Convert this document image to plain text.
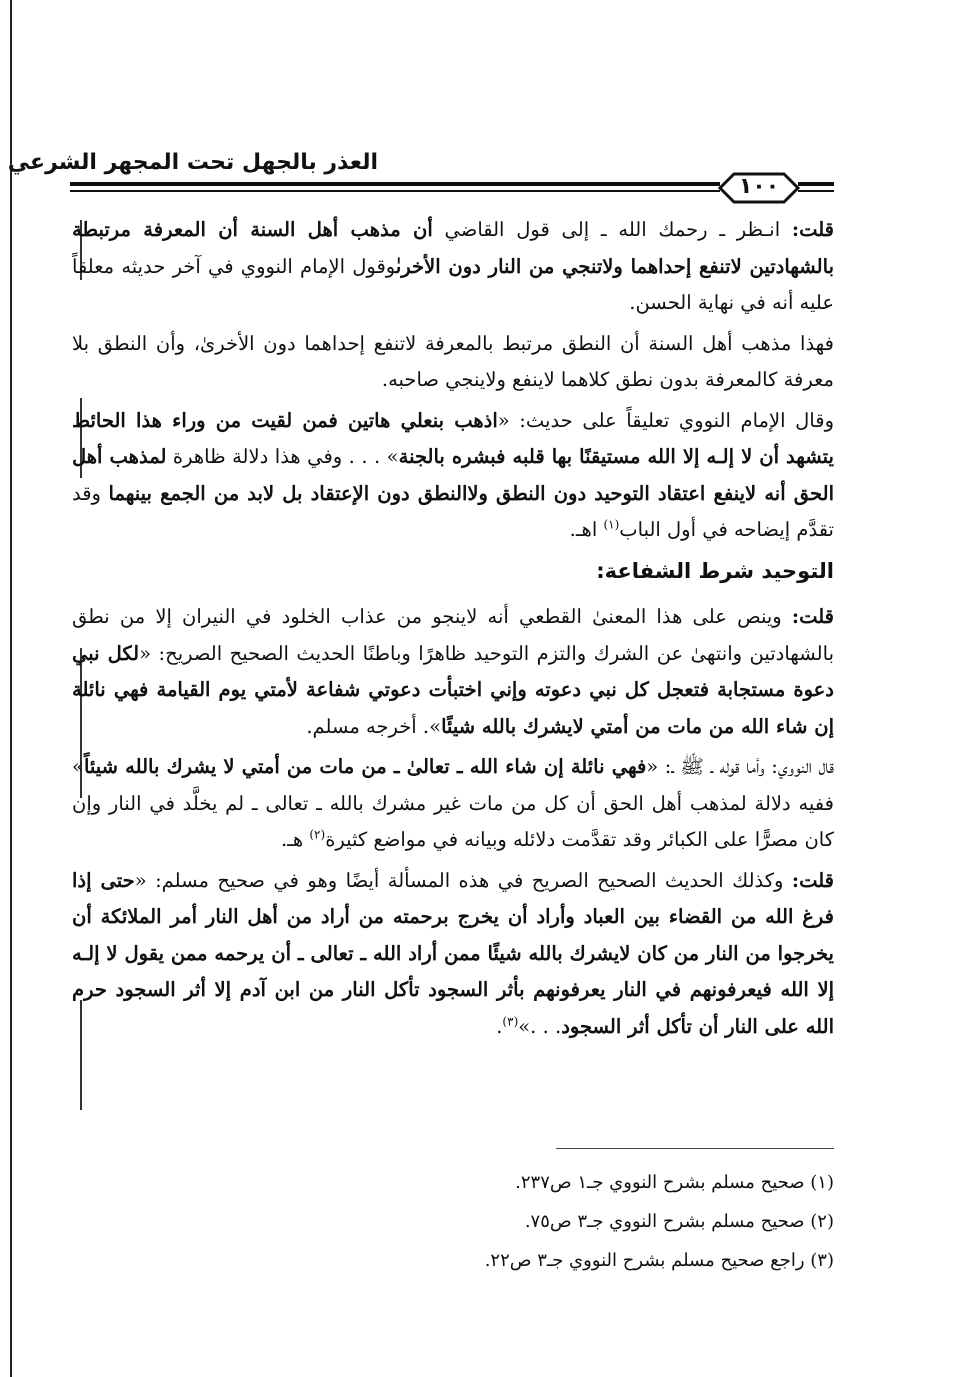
العذر بالجهل تحت المجهر الشرعي
١٠٠

قلت: انـظر ـ رحمك الله ـ إلى قول القاضي أن مذهب أهل السنة أن المعرفة مرتبطة بالشهادتين لاتنفع إحداهما ولاتنجي من النار دون الأخرىٰوقول الإمام النووي في آخر حديثه معلقاً عليه أنه في نهاية الحسن.

فهذا مذهب أهل السنة أن النطق مرتبط بالمعرفة لاتنفع إحداهما دون الأخرىٰ، وأن النطق بلا معرفة كالمعرفة بدون نطق كلاهما لاينفع ولاينجي صاحبه.

وقال الإمام النووي تعليقاً على حديث: «اذهب بنعلي هاتين فمن لقيت من وراء هذا الحائط يتشهد أن لا إلـه إلا الله مستيقنًا بها قلبه فبشره بالجنة» . . . وفي هذا دلالة ظاهرة لمذهب أهل الحق أنه لاينفع اعتقاد التوحيد دون النطق ولاالنطق دون الإعتقاد بل لابد من الجمع بينهما وقد تقدَّم إيضاحه في أول الباب$^{(١)}$ اهـ.

التوحيد شرط الشفاعة:

قلت: وينص على هذا المعنىٰ القطعي أنه لاينجو من عذاب الخلود في النيران إلا من نطق بالشهادتين وانتهىٰ عن الشرك والتزم التوحيد ظاهرًا وباطنًا الحديث الصحيح الصريح: «لكل نبي دعوة مستجابة فتعجل كل نبي دعوته وإني اختبأت دعوتي شفاعة لأمتي يوم القيامة فهي نائلة إن شاء الله من مات من أمتي لايشرك بالله شيئًا». أخرجه مسلم.

قال النووي: وأما قوله ـ ﷺ ـ: «فهي نائلة إن شاء الله ـ تعالىٰ ـ من مات من أمتي لا يشرك بالله شيئاً» ففيه دلالة لمذهب أهل الحق أن كل من مات غير مشرك بالله ـ تعالى ـ لم يخلَّد في النار وإن كان مصرًّا على الكبائر وقد تقدَّمت دلائله وبيانه في مواضع كثيرة$^{(٢)}$ هـ.

قلت: وكذلك الحديث الصحيح الصريح في هذه المسألة أيضًا وهو في صحيح مسلم: «حتى إذا فرغ الله من القضاء بين العباد وأراد أن يخرج برحمته من أراد من أهل النار أمر الملائكة أن يخرجوا من النار من كان لايشرك بالله شيئًا ممن أراد الله ـ تعالى ـ أن يرحمه ممن يقول لا إلـه إلا الله فيعرفونهم في النار يعرفونهم بأثر السجود تأكل النار من ابن آدم إلا أثر السجود حرم الله على النار أن تأكل أثر السجود. . .»$^{(٣)}$.

(١) صحيح مسلم بشرح النووي جـ١ ص٢٣٧.

(٢) صحيح مسلم بشرح النووي جـ٣ ص٧٥.

(٣) راجع صحيح مسلم بشرح النووي جـ٣ ص٢٢.
